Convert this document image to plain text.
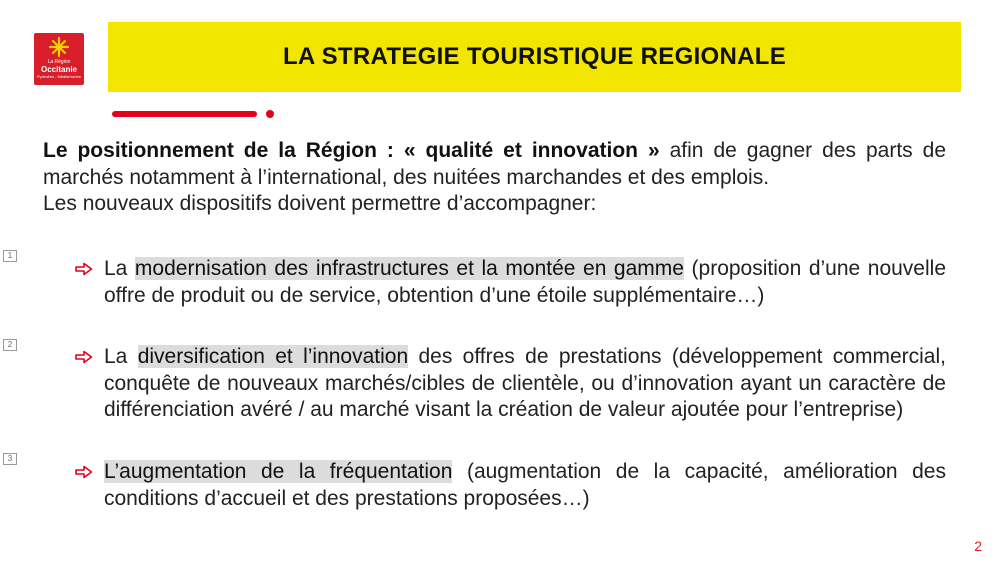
La Région
Occitanie
Pyrénées - Méditerranée
LA STRATEGIE TOURISTIQUE REGIONALE

Le positionnement de la Région : « qualité et innovation » afin de gagner des parts de marchés notamment à l’international, des nuitées marchandes et des emplois.

Les nouveaux dispositifs doivent permettre d’accompagner:

1
2
3
La modernisation des infrastructures et la montée en gamme (proposition d’une nouvelle offre de produit ou de service, obtention d’une étoile supplémentaire…)
La diversification et l’innovation des offres de prestations (développement commercial, conquête de nouveaux marchés/cibles de clientèle, ou d’innovation ayant un caractère de différenciation avéré / au marché visant la création de valeur ajoutée pour l’entreprise)
L’augmentation de la fréquentation (augmentation de la capacité, amélioration des conditions d’accueil et des prestations proposées…)
2
